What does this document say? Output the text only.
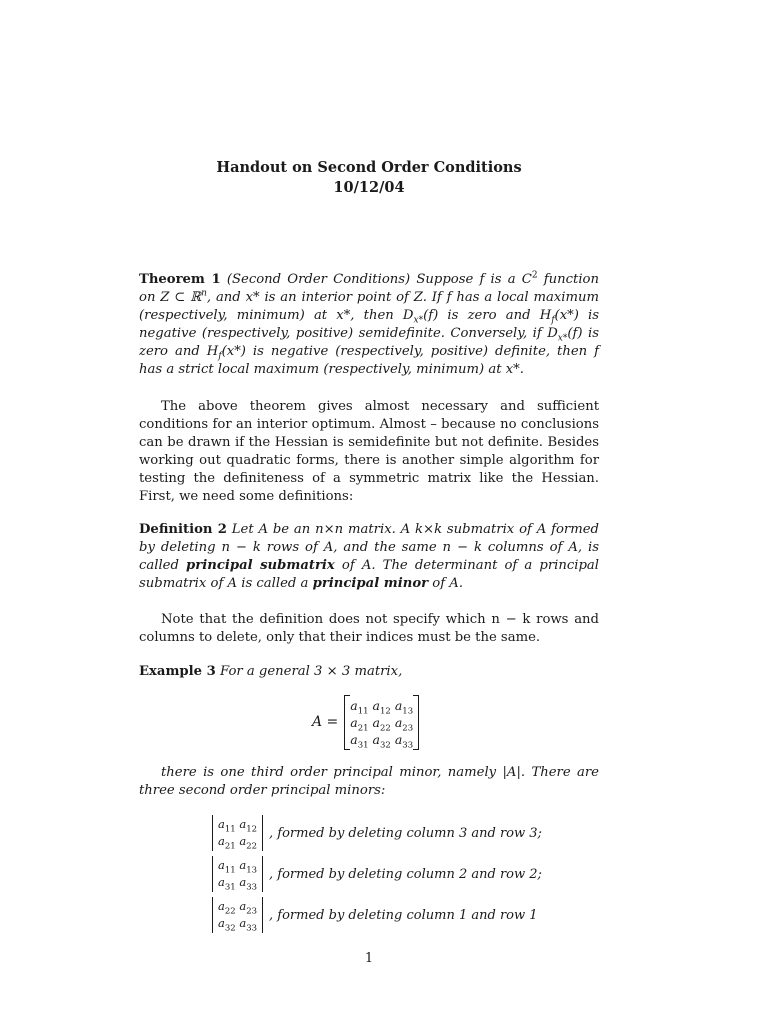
Handout on Second Order Conditions
10/12/04
Theorem 1 (Second Order Conditions) Suppose f is a $C^2$ function on Z ⊂ ℝ$^n$, and x* is an interior point of Z. If f has a local maximum (respectively, minimum) at x*, then $D_{x*}(f)$ is zero and $H_f(x*)$ is negative (respectively, positive) semidefinite. Conversely, if $D_{x*}(f)$ is zero and $H_f(x*)$ is negative (respectively, positive) definite, then f has a strict local maximum (respectively, minimum) at x*.
The above theorem gives almost necessary and sufficient conditions for an interior optimum. Almost – because no conclusions can be drawn if the Hessian is semidefinite but not definite. Besides working out quadratic forms, there is another simple algorithm for testing the definiteness of a symmetric matrix like the Hessian. First, we need some definitions:
Definition 2 Let A be an n×n matrix. A k×k submatrix of A formed by deleting n − k rows of A, and the same n − k columns of A, is called principal submatrix of A. The determinant of a principal submatrix of A is called a principal minor of A.
Note that the definition does not specify which n − k rows and columns to delete, only that their indices must be the same.
Example 3 For a general 3 × 3 matrix,
A =
$a_{11}$ $a_{12}$ $a_{13}$
$a_{21}$ $a_{22}$ $a_{23}$
$a_{31}$ $a_{32}$ $a_{33}$
there is one third order principal minor, namely |A|. There are three second order principal minors:
$a_{11}$ $a_{12}$
$a_{21}$ $a_{22}$
, formed by deleting column 3 and row 3;
$a_{11}$ $a_{13}$
$a_{31}$ $a_{33}$
, formed by deleting column 2 and row 2;
$a_{22}$ $a_{23}$
$a_{32}$ $a_{33}$
, formed by deleting column 1 and row 1
1
